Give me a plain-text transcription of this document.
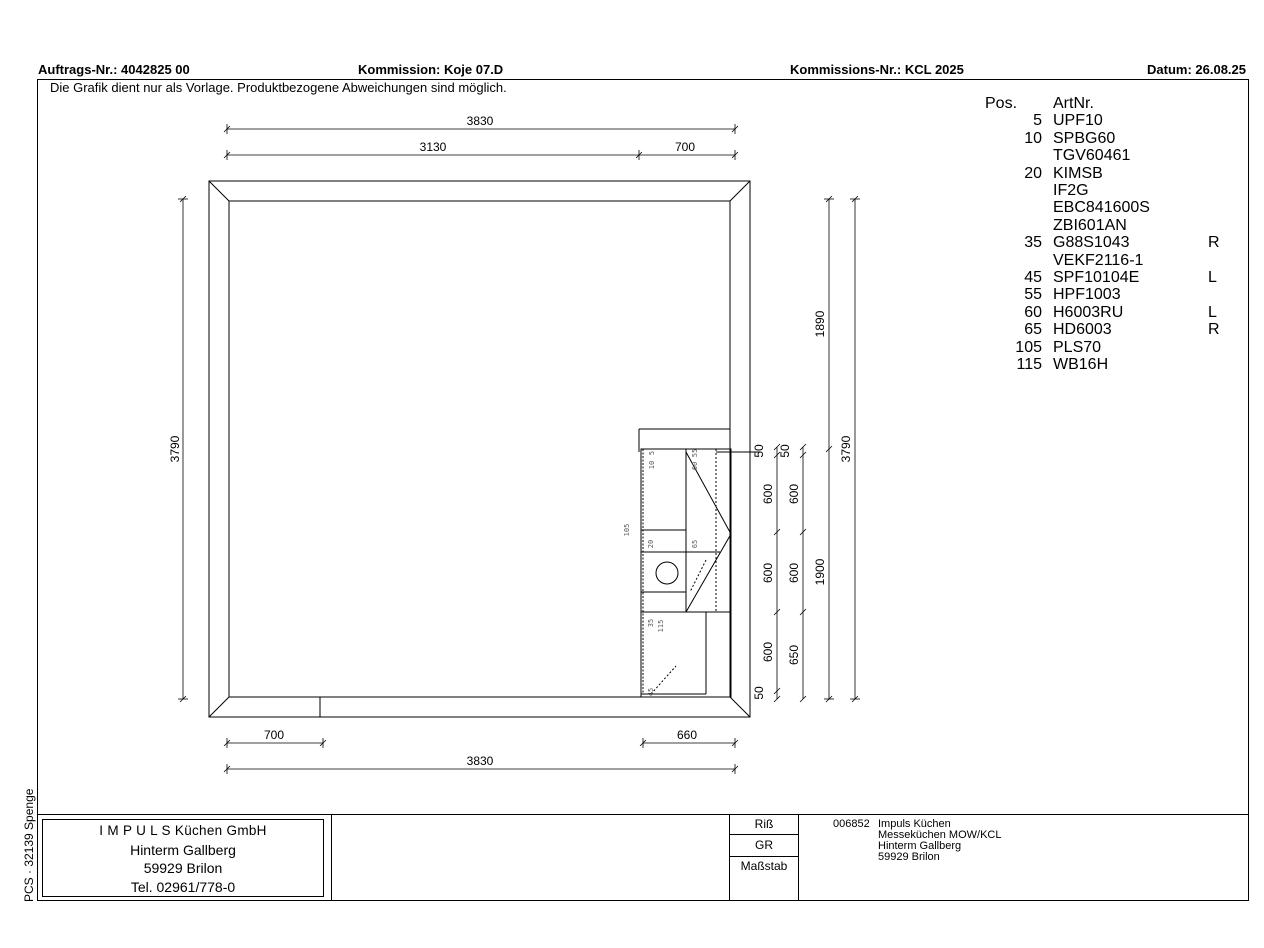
Auftrags-Nr.: 4042825 00	Kommission: Koje 07.D	Kommissions-Nr.: KCL 2025	Datum: 26.08.25
Die Grafik dient nur als Vorlage. Produktbezogene Abweichungen sind möglich.
PCS · 32139 Spenge
3830
3130	700
3790
700	660
3830
50
600
600
600
50
50
600
600
650
1890
1900
3790
105
10
5
60
55
20	65
35 115
45
Pos.	ArtNr.
5 UPF10
10 SPBG60
TGV60461
20 KIMSB
IF2G
EBC841600S
ZBI601AN
35 G88S1043	R
VEKF2116-1
45 SPF10104E	L
55 HPF1003
60 H6003RU	L
65 HD6003	R
105 PLS70
115 WB16H
I M P U L S Küchen GmbH
Hinterm Gallberg
59929 Brilon
Tel. 02961/778-0
Riß
GR
Maßstab
006852 Impuls Küchen
Messeküchen MOW/KCL
Hinterm Gallberg
59929 Brilon
